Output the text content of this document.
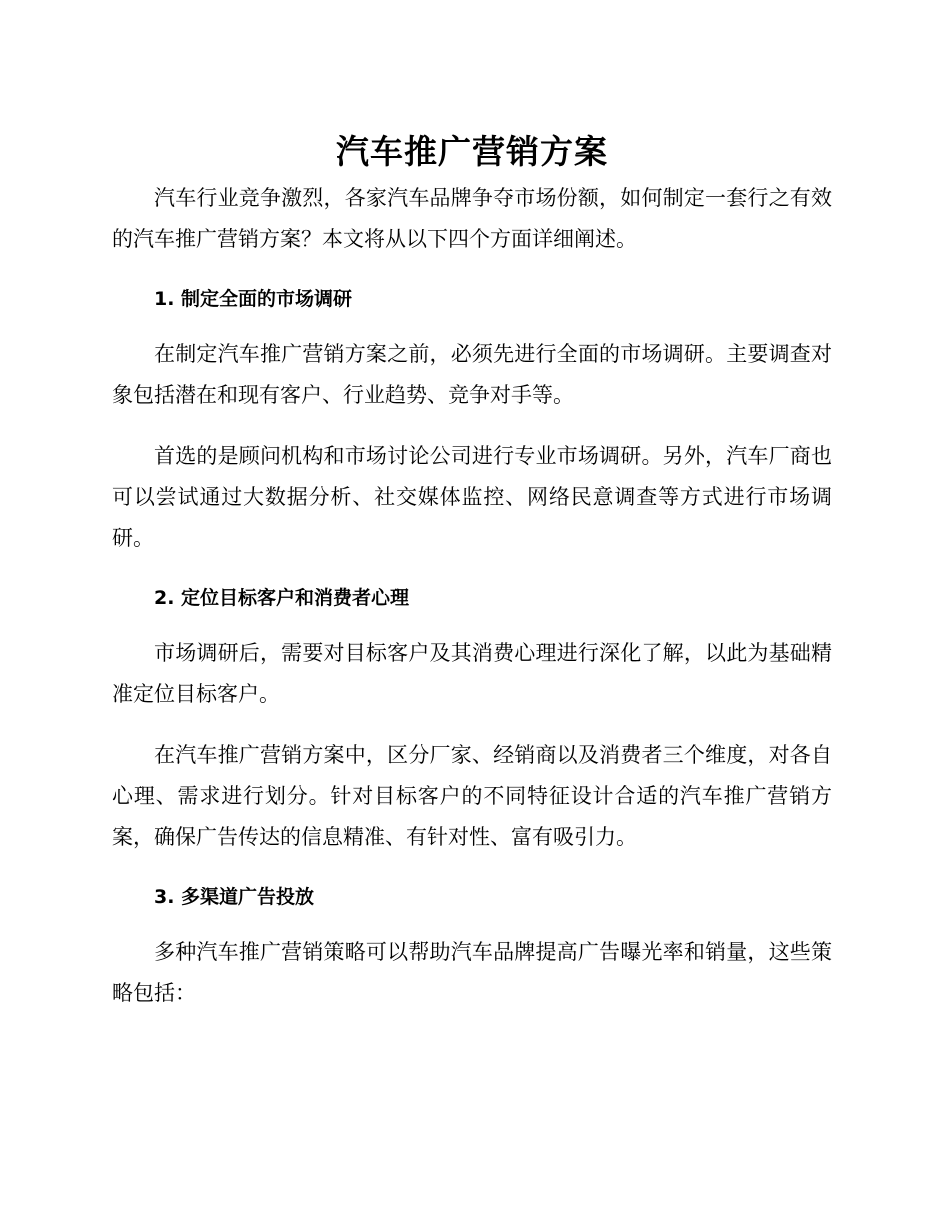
汽车推广营销方案

汽车行业竞争激烈，各家汽车品牌争夺市场份额，如何制定一套行之有效的汽车推广营销方案？本文将从以下四个方面详细阐述。

1. 制定全面的市场调研

在制定汽车推广营销方案之前，必须先进行全面的市场调研。主要调查对象包括潜在和现有客户、行业趋势、竞争对手等。

首选的是顾问机构和市场讨论公司进行专业市场调研。另外，汽车厂商也可以尝试通过大数据分析、社交媒体监控、网络民意调查等方式进行市场调研。

2. 定位目标客户和消费者心理

市场调研后，需要对目标客户及其消费心理进行深化了解，以此为基础精准定位目标客户。

在汽车推广营销方案中，区分厂家、经销商以及消费者三个维度，对各自心理、需求进行划分。针对目标客户的不同特征设计合适的汽车推广营销方案，确保广告传达的信息精准、有针对性、富有吸引力。

3. 多渠道广告投放

多种汽车推广营销策略可以帮助汽车品牌提高广告曝光率和销量，这些策略包括：
